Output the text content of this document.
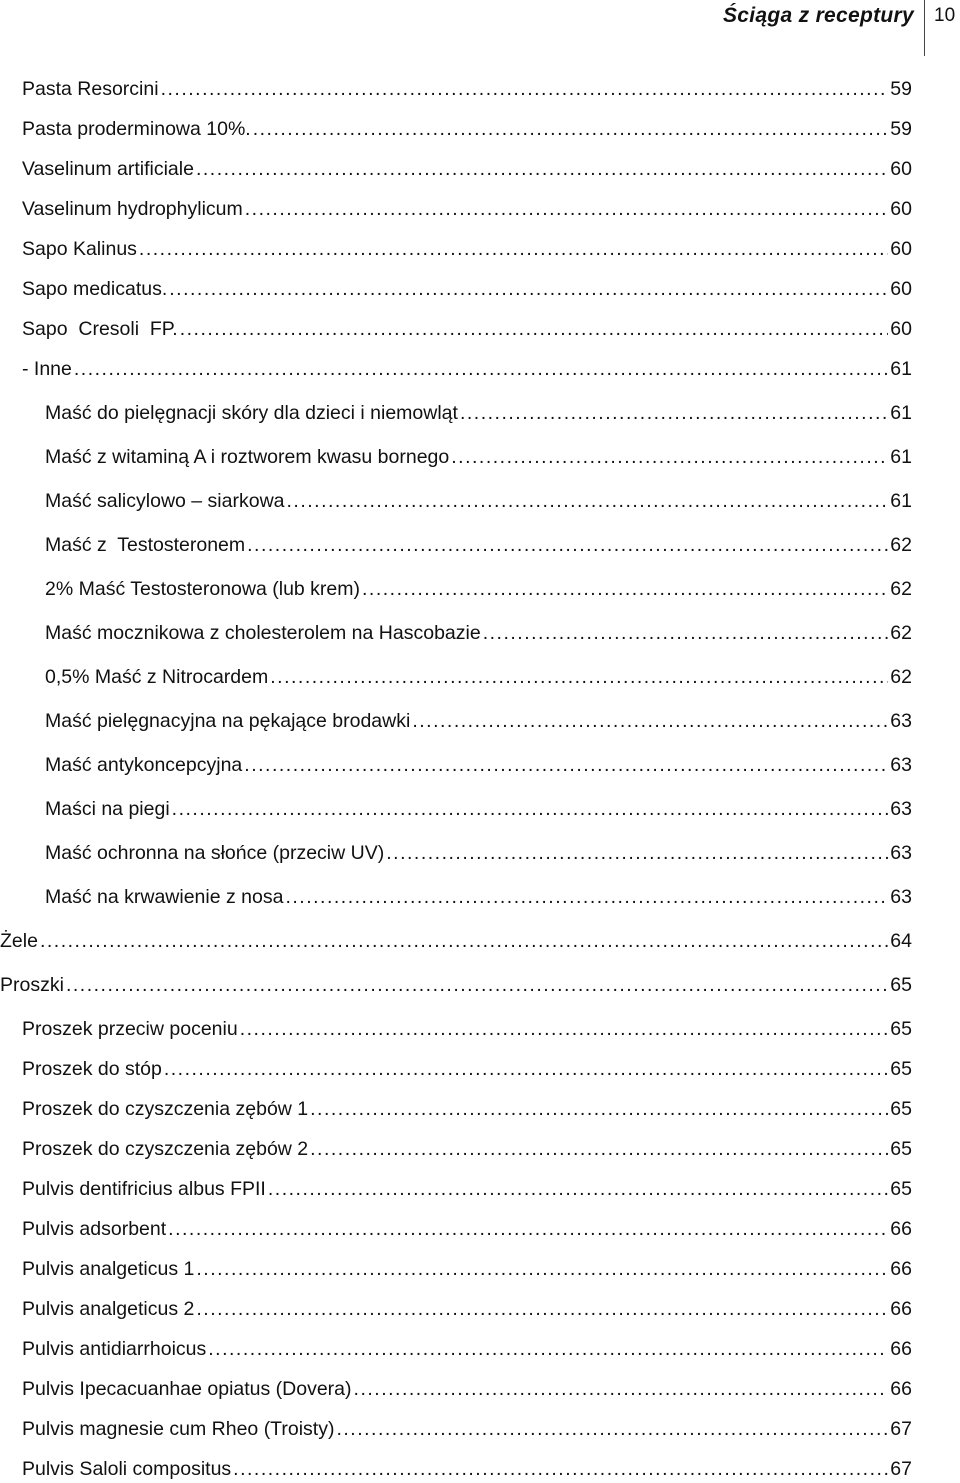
Ściąga z receptury 10
Pasta Resorcini .....	59
Pasta proderminowa 10%. .....	59
Vaselinum artificiale .....	60
Vaselinum hydrophylicum .....	60
Sapo Kalinus .....	60
Sapo medicatus. .....	60
Sapo  Cresoli  FP. .....	60
- Inne .....	61
Maść do pielęgnacji skóry dla dzieci i niemowląt .....	61
Maść z witaminą A i roztworem kwasu bornego .....	61
Maść salicylowo – siarkowa .....	61
Maść z  Testosteronem .....	62
2% Maść Testosteronowa (lub krem) .....	62
Maść mocznikowa z cholesterolem na Hascobazie .....	62
0,5% Maść z Nitrocardem .....	62
Maść pielęgnacyjna na pękające brodawki .....	63
Maść antykoncepcyjna .....	63
Maści na piegi .....	63
Maść ochronna na słońce (przeciw UV) .....	63
Maść na krwawienie z nosa .....	63
Żele .....	64
Proszki .....	65
Proszek przeciw poceniu .....	65
Proszek do stóp .....	65
Proszek do czyszczenia zębów 1 .....	65
Proszek do czyszczenia zębów 2 .....	65
Pulvis dentifricius albus FPII .....	65
Pulvis adsorbent .....	66
Pulvis analgeticus 1 .....	66
Pulvis analgeticus 2 .....	66
Pulvis antidiarrhoicus .....	66
Pulvis Ipecacuanhae opiatus (Dovera) .....	66
Pulvis magnesie cum Rheo (Troisty) .....	67
Pulvis Saloli compositus .....	67
